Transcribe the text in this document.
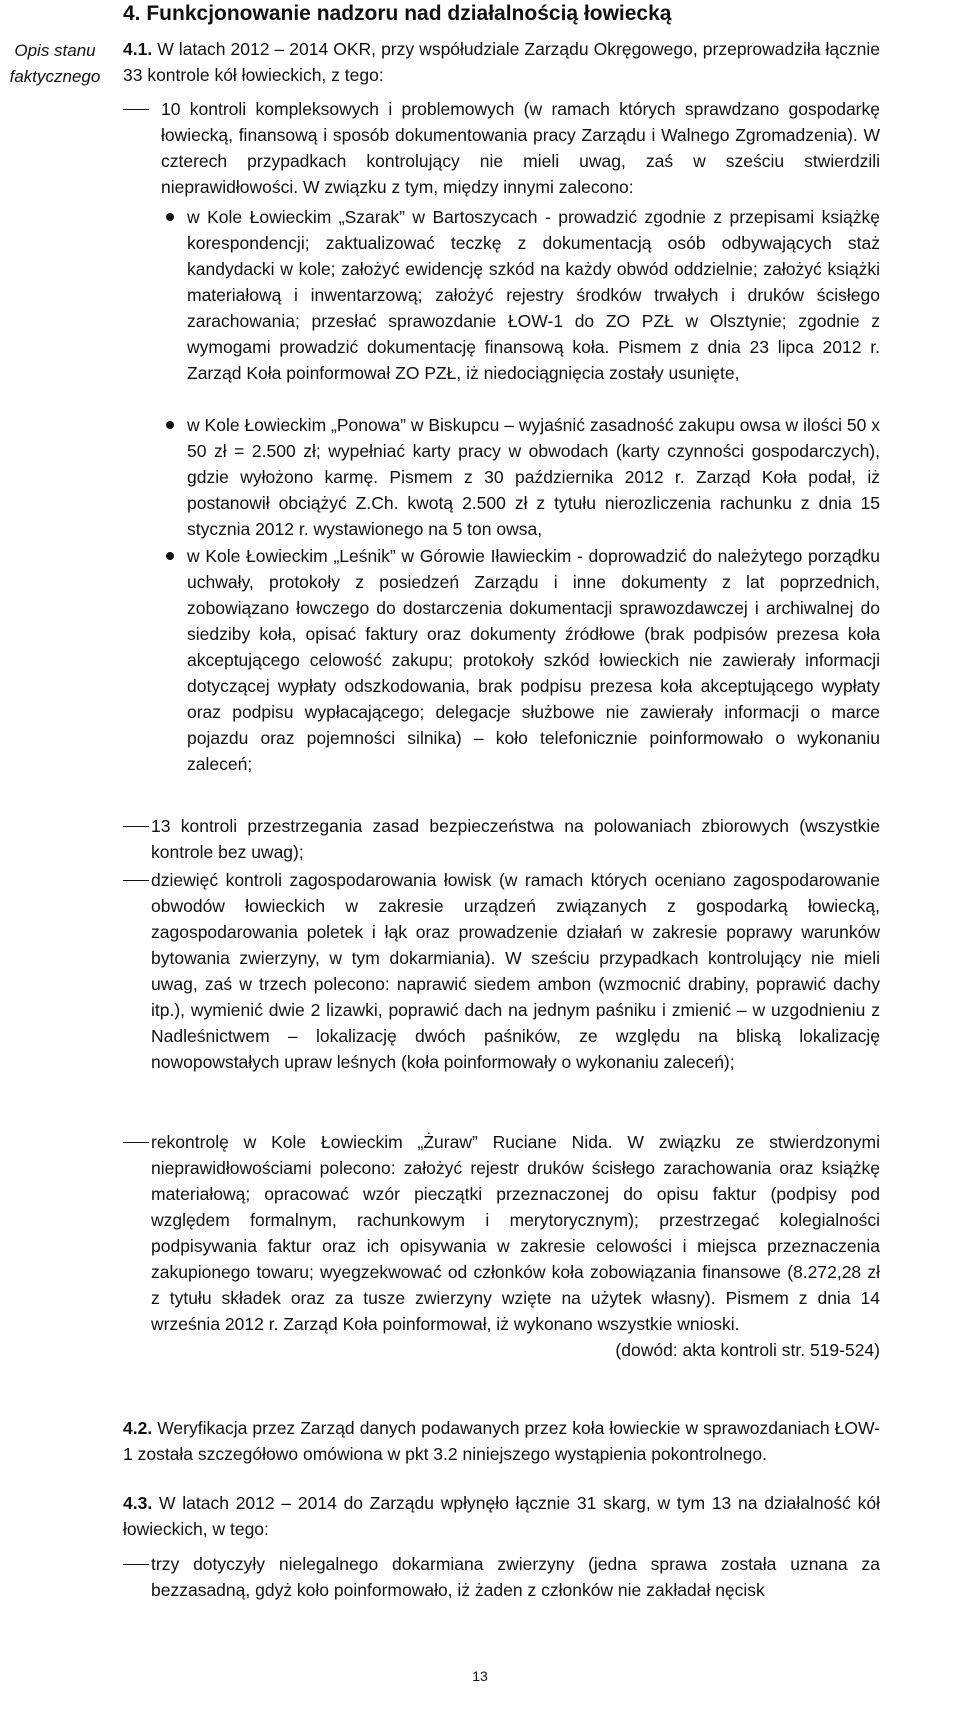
Opis stanu
faktycznego
4. Funkcjonowanie nadzoru nad działalnością łowiecką
4.1. W latach 2012 – 2014 OKR, przy współudziale Zarządu Okręgowego, przeprowadziła łącznie 33 kontrole kół łowieckich, z tego:
10 kontroli kompleksowych i problemowych (w ramach których sprawdzano gospodarkę łowiecką, finansową i sposób dokumentowania pracy Zarządu i Walnego Zgromadzenia). W czterech przypadkach kontrolujący nie mieli uwag, zaś w sześciu stwierdzili nieprawidłowości. W związku z tym, między innymi zalecono:
w Kole Łowieckim „Szarak” w Bartoszycach - prowadzić zgodnie z przepisami książkę korespondencji; zaktualizować teczkę z dokumentacją osób odbywających staż kandydacki w kole; założyć ewidencję szkód na każdy obwód oddzielnie; założyć książki materiałową i inwentarzową; założyć rejestry środków trwałych i druków ścisłego zarachowania; przesłać sprawozdanie ŁOW-1 do ZO PZŁ w Olsztynie; zgodnie z wymogami prowadzić dokumentację finansową koła. Pismem z dnia 23 lipca 2012 r. Zarząd Koła poinformował ZO PZŁ, iż niedociągnięcia zostały usunięte,
w Kole Łowieckim „Ponowa” w Biskupcu – wyjaśnić zasadność zakupu owsa w ilości 50 x 50 zł = 2.500 zł; wypełniać karty pracy w obwodach (karty czynności gospodarczych), gdzie wyłożono karmę. Pismem z 30 października 2012 r. Zarząd Koła podał, iż postanowił obciążyć Z.Ch. kwotą 2.500 zł z tytułu nierozliczenia rachunku z dnia 15 stycznia 2012 r. wystawionego na 5 ton owsa,
w Kole Łowieckim „Leśnik” w Górowie Iławieckim - doprowadzić do należytego porządku uchwały, protokoły z posiedzeń Zarządu i inne dokumenty z lat poprzednich, zobowiązano łowczego do dostarczenia dokumentacji sprawozdawczej i archiwalnej do siedziby koła, opisać faktury oraz dokumenty źródłowe (brak podpisów prezesa koła akceptującego celowość zakupu; protokoły szkód łowieckich nie zawierały informacji dotyczącej wypłaty odszkodowania, brak podpisu prezesa koła akceptującego wypłaty oraz podpisu wypłacającego; delegacje służbowe nie zawierały informacji o marce pojazdu oraz pojemności silnika) – koło telefonicznie poinformowało o wykonaniu zaleceń;
13 kontroli przestrzegania zasad bezpieczeństwa na polowaniach zbiorowych (wszystkie kontrole bez uwag);
dziewięć kontroli zagospodarowania łowisk (w ramach których oceniano zagospodarowanie obwodów łowieckich w zakresie urządzeń związanych z gospodarką łowiecką, zagospodarowania poletek i łąk oraz prowadzenie działań w zakresie poprawy warunków bytowania zwierzyny, w tym dokarmiania). W sześciu przypadkach kontrolujący nie mieli uwag, zaś w trzech polecono: naprawić siedem ambon (wzmocnić drabiny, poprawić dachy itp.), wymienić dwie 2 lizawki, poprawić dach na jednym paśniku i zmienić – w uzgodnieniu z Nadleśnictwem – lokalizację dwóch paśników, ze względu na bliską lokalizację nowopowstałych upraw leśnych (koła poinformowały o wykonaniu zaleceń);
rekontrolę w Kole Łowieckim „Żuraw” Ruciane Nida. W związku ze stwierdzonymi nieprawidłowościami polecono: założyć rejestr druków ścisłego zarachowania oraz książkę materiałową; opracować wzór pieczątki przeznaczonej do opisu faktur (podpisy pod względem formalnym, rachunkowym i merytorycznym); przestrzegać kolegialności podpisywania faktur oraz ich opisywania w zakresie celowości i miejsca przeznaczenia zakupionego towaru; wyegzekwować od członków koła zobowiązania finansowe (8.272,28 zł z tytułu składek oraz za tusze zwierzyny wzięte na użytek własny). Pismem z dnia 14 września 2012 r. Zarząd Koła poinformował, iż wykonano wszystkie wnioski.
(dowód: akta kontroli str. 519-524)
4.2. Weryfikacja przez Zarząd danych podawanych przez koła łowieckie w sprawozdaniach ŁOW-1 została szczegółowo omówiona w pkt 3.2 niniejszego wystąpienia pokontrolnego.
4.3. W latach 2012 – 2014 do Zarządu wpłynęło łącznie 31 skarg, w tym 13 na działalność kół łowieckich, w tego:
trzy dotyczyły nielegalnego dokarmiana zwierzyny (jedna sprawa została uznana za bezzasadną, gdyż koło poinformowało, iż żaden z członków nie zakładał nęcisk
13
